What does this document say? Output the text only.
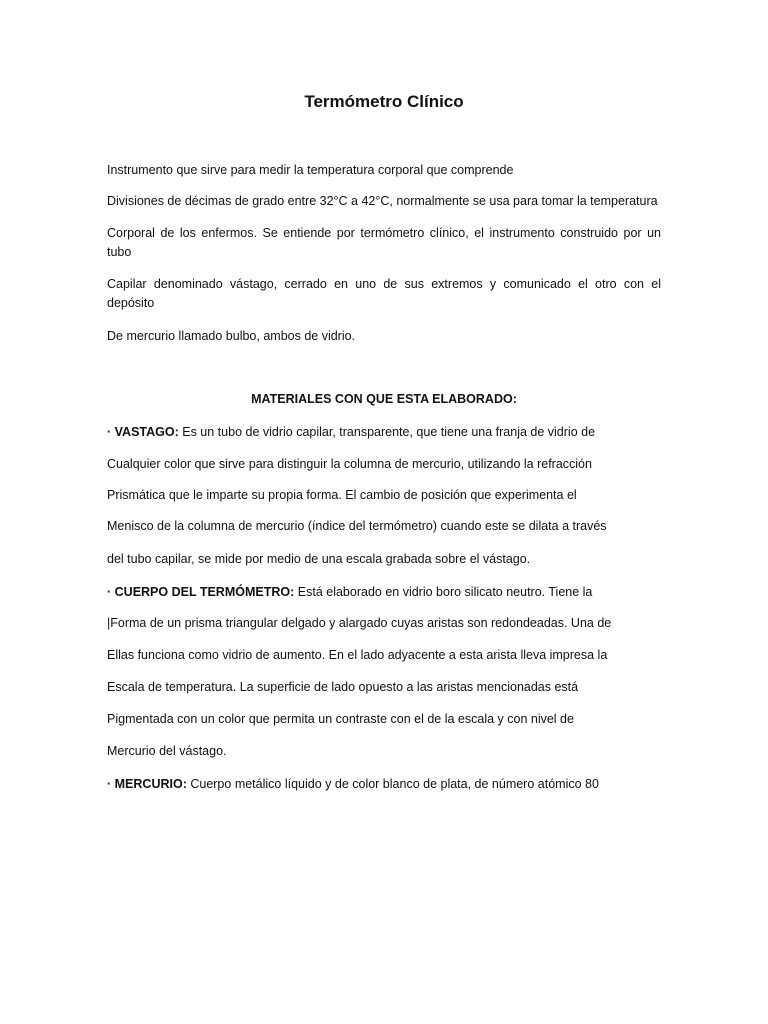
Termómetro Clínico
Instrumento que sirve para medir la temperatura corporal que comprende
Divisiones de décimas de grado entre 32°C a 42°C, normalmente se usa para tomar la temperatura
Corporal de los enfermos. Se entiende por termómetro clínico, el instrumento construido por un
tubo
Capilar denominado vástago, cerrado en uno de sus extremos y comunicado el otro con el
depósito
De mercurio llamado bulbo, ambos de vidrio.
MATERIALES CON QUE ESTA ELABORADO:
· VASTAGO: Es un tubo de vidrio capilar, transparente, que tiene una franja de vidrio de
Cualquier color que sirve para distinguir la columna de mercurio, utilizando la refracción
Prismática que le imparte su propia forma. El cambio de posición que experimenta el
Menisco de la columna de mercurio (índice del termómetro) cuando este se dilata a través
del tubo capilar, se mide por medio de una escala grabada sobre el vástago.
· CUERPO DEL TERMÓMETRO: Está elaborado en vidrio boro silicato neutro. Tiene la
|Forma de un prisma triangular delgado y alargado cuyas aristas son redondeadas. Una de
Ellas funciona como vidrio de aumento. En el lado adyacente a esta arista lleva impresa la
Escala de temperatura. La superficie de lado opuesto a las aristas mencionadas está
Pigmentada con un color que permita un contraste con el de la escala y con nivel de
Mercurio del vástago.
· MERCURIO: Cuerpo metálico líquido y de color blanco de plata, de número atómico 80
